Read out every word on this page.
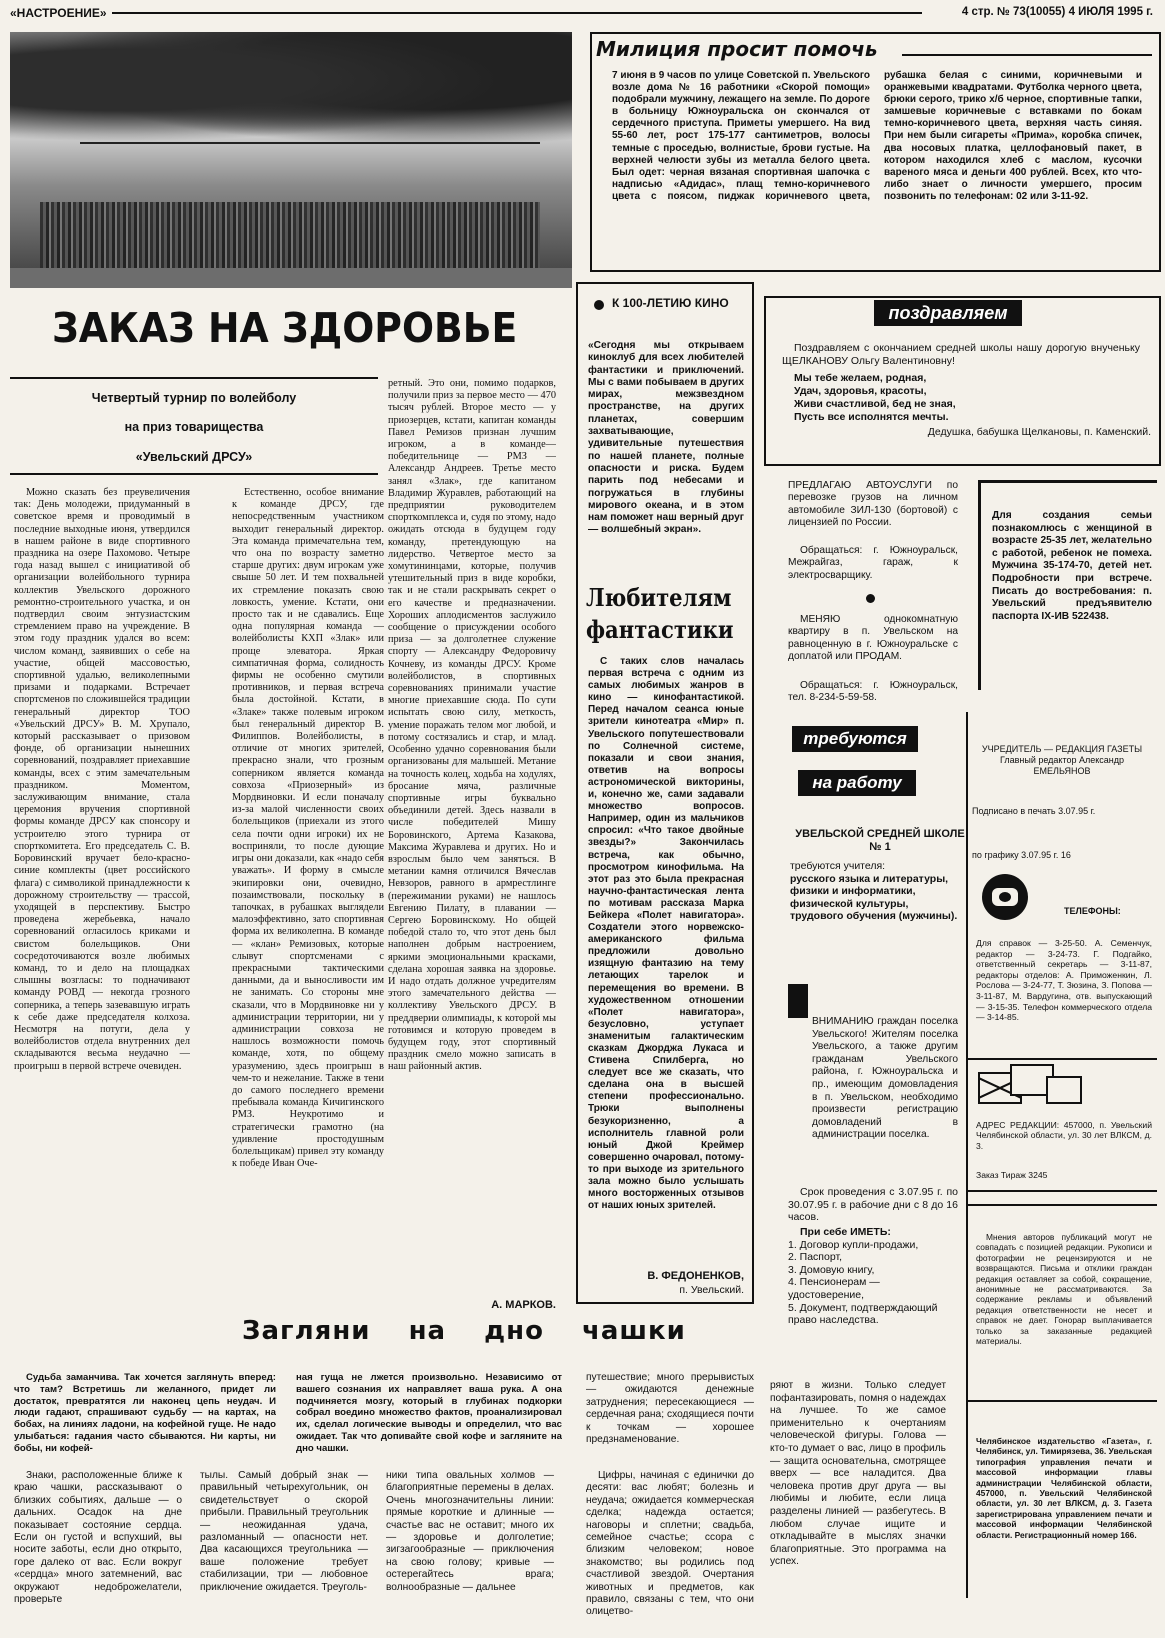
«НАСТРОЕНИЕ»	4 стр. № 73(10055) 4 ИЮЛЯ 1995 г.
Милиция просит помочь
7 июня в 9 часов по улице Советской п. Увельского возле дома № 16 работники «Скорой помощи» подобрали мужчину, лежащего на земле. По дороге в больницу Южноуральска он скончался от сердечного приступа. Приметы умершего. На вид 55-60 лет, рост 175-177 сантиметров, волосы темные с проседью, волнистые, брови густые. На верхней челюсти зубы из металла белого цвета. Был одет: черная вязаная спортивная шапочка с надписью «Адидас», плащ темно-коричневого цвета с поясом, пиджак коричневого цвета, рубашка белая с синими, коричневыми и оранжевыми квадратами. Футболка черного цвета, брюки серого, трико х/б черное, спортивные тапки, замшевые коричневые с вставками по бокам темно-коричневого цвета, верхняя часть синяя. При нем были сигареты «Прима», коробка спичек, два носовых платка, целлофановый пакет, в котором находился хлеб с маслом, кусочки вареного мяса и деньги 400 рублей. Всех, кто что-либо знает о личности умершего, просим позвонить по телефонам: 02 или 3-11-92.
ЗАКАЗ НА ЗДОРОВЬЕ
Четвертый турнир по волейболу
на приз товарищества
«Увельский ДРСУ»
Можно сказать без преувеличения так: День молодежи, придуманный в советское время и проводимый в последние выходные июня, утвердился в нашем районе в виде спортивного праздника на озере Пахомово. Четыре года назад вышел с инициативой об организации волейбольного турнира коллектив Увельского дорожного ремонтно-строительного участка, и он подтвердил своим энтузиастским стремлением право на учреждение. В этом году праздник удался во всем: числом команд, заявивших о себе на участие, общей массовостью, спортивной удалью, великолепными призами и подарками. Встречает спортсменов по сложившейся традиции генеральный директор ТОО «Увельский ДРСУ» В. М. Хрупало, который рассказывает о призовом фонде, об организации нынешних соревнований, поздравляет приехавшие команды, всех с этим замечательным праздником. Моментом, заслуживающим внимание, стала церемония вручения спортивной формы команде ДРСУ как спонсору и устроителю этого турнира от спорткомитета. Его председатель С. В. Боровинский вручает бело-красно-синие комплекты (цвет российского флага) с символикой принадлежности к дорожному строительству — трассой, уходящей в перспективу. Быстро проведена жеребьевка, начало соревнований огласилось криками и свистом болельщиков. Они сосредоточиваются возле любимых команд, то и дело на площадках слышны возгласы: то подначивают команду РОВД — некогда грозного соперника, а теперь зазевавшую играть к себе даже председателя колхоза. Несмотря на потуги, дела у волейболистов отдела внутренних дел складываются весьма неудачно — проигрыш в первой встрече очевиден.
Естественно, особое внимание к команде ДРСУ, где непосредственным участником выходит генеральный директор. Эта команда примечательна тем, что она по возрасту заметно старше других: двум игрокам уже свыше 50 лет. И тем похвальней их стремление показать свою ловкость, умение. Кстати, они просто так и не сдавались. Еще одна популярная команда — волейболисты КХП «Злак» или проще элеватора. Яркая симпатичная форма, солидность фирмы не особенно смутили противников, и первая встреча была достойной. Кстати, в «Злаке» также полевым игроком был генеральный директор В. Филиппов. Волейболисты, в отличие от многих зрителей, прекрасно знали, что грозным соперником является команда совхоза «Приозерный» из Мордвиновки. И если поначалу из-за малой численности своих болельщиков (приехали из этого села почти одни игроки) их не восприняли, то после дующие игры они доказали, как «надо себя уважать». И форму в смысле экипировки они, очевидно, позаимствовали, поскольку в тапочках, в рубашках выглядели малоэффективно, зато спортивная форма их великолепна. В команде — «клан» Ремизовых, которые слывут спортсменами с прекрасными тактическими данными, да и выносливости им не занимать. Со стороны мне сказали, что в Мордвиновке ни у администрации территории, ни у администрации совхоза не нашлось возможности помочь команде, хотя, по общему уразумению, здесь проигрыш в чем-то и нежелание. Также в тени до самого последнего времени пребывала команда Кичигинского РМЗ. Неукротимо и стратегически грамотно (на удивление простодушным болельщикам) привел эту команду к победе Иван Оче-
ретный. Это они, помимо подарков, получили приз за первое место — 470 тысяч рублей. Второе место — у приозерцев, кстати, капитан команды Павел Ремизов признан лучшим игроком, а в команде—победительнице — РМЗ — Александр Андреев. Третье место занял «Злак», где капитаном Владимир Журавлев, работающий на предприятии руководителем спорткомплекса и, судя по этому, надо ожидать отсюда в будущем году команду, претендующую на лидерство. Четвертое место за хомутининцами, которые, получив утешительный приз в виде коробки, так и не стали раскрывать секрет о его качестве и предназначении. Хороших аплодисментов заслужило сообщение о присуждении особого приза — за долголетнее служение спорту — Александру Федоровичу Кочневу, из команды ДРСУ. Кроме волейболистов, в спортивных соревнованиях принимали участие многие приехавшие сюда. По сути испытать свою силу, меткость, умение поражать телом мог любой, и потому состязались и стар, и млад. Особенно удачно соревнования были организованы для малышей. Метание на точность колец, ходьба на ходулях, бросание мяча, различные спортивные игры буквально объединили детей. Здесь назвали в числе победителей Мишу Боровинского, Артема Казакова, Максима Журавлева и других. Но и взрослым было чем заняться. В метании камня отличился Вячеслав Невзоров, равного в армрестлинге (пережимании руками) не нашлось Евгению Пилату, в плавании — Сергею Боровинскому. Но общей победой стало то, что этот день был наполнен добрым настроением, яркими эмоциональными красками, сделана хорошая заявка на здоровье. И надо отдать должное учредителям этого замечательного действа — коллективу Увельского ДРСУ. В преддверии олимпиады, к которой мы готовимся и которую проведем в будущем году, этот спортивный праздник смело можно записать в наш районный актив.
А. МАРКОВ.
К 100-ЛЕТИЮ КИНО
«Сегодня мы открываем киноклуб для всех любителей фантастики и приключений. Мы с вами побываем в других мирах, межзвездном пространстве, на других планетах, совершим захватывающие, удивительные путешествия по нашей планете, полные опасности и риска. Будем парить под небесами и погружаться в глубины мирового океана, и в этом нам поможет наш верный друг — волшебный экран».
Любителям фантастики
С таких слов началась первая встреча с одним из самых любимых жанров в кино — кинофантастикой. Перед началом сеанса юные зрители кинотеатра «Мир» п. Увельского попутешествовали по Солнечной системе, показали и свои знания, ответив на вопросы астрономической викторины, и, конечно же, сами задавали множество вопросов. Например, один из мальчиков спросил: «Что такое двойные звезды?» Закончилась встреча, как обычно, просмотром кинофильма. На этот раз это была прекрасная научно-фантастическая лента по мотивам рассказа Марка Бейкера «Полет навигатора». Создатели этого норвежско-американского фильма предложили довольно изящную фантазию на тему летающих тарелок и перемещения во времени. В художественном отношении «Полет навигатора», безусловно, уступает знаменитым галактическим сказкам Джорджа Лукаса и Стивена Спилберга, но следует все же сказать, что сделана она в высшей степени профессионально. Трюки выполнены безукоризненно, а исполнитель главной роли юный Джой Креймер совершенно очаровал, потому-то при выходе из зрительного зала можно было услышать много восторженных отзывов от наших юных зрителей.
В. ФЕДОНЕНКОВ,
п. Увельский.
поздравляем
Поздравляем с окончанием средней школы нашу дорогую внученьку ЩЕЛКАНОВУ Ольгу Валентиновну!
Мы тебе желаем, родная,
Удач, здоровья, красоты,
Живи счастливой, бед не зная,
Пусть все исполнятся мечты.
Дедушка, бабушка Щелкановы, п. Каменский.
ПРЕДЛАГАЮ АВТОУСЛУГИ по перевозке грузов на личном автомобиле ЗИЛ-130 (бортовой) с лицензией по России.
Обращаться: г. Южноуральск, Межрайгаз, гараж, к электросварщику.
МЕНЯЮ однокомнатную квартиру в п. Увельском на равноценную в г. Южноуральске с доплатой или ПРОДАМ.
Обращаться: г. Южноуральск, тел. 8-234-5-59-58.
Для создания семьи познакомлюсь с женщиной в возрасте 25-35 лет, желательно с работой, ребенок не помеха. Мужчина 35-174-70, детей нет. Подробности при встрече. Писать до востребования: п. Увельский предъявителю паспорта IX-ИВ 522438.
требуются
на работу
УВЕЛЬСКОЙ СРЕДНЕЙ ШКОЛЕ № 1
требуются учителя:
русского языка и литературы,
физики и информатики,
физической культуры,
трудового обучения (мужчины).
ВНИМАНИЮ граждан поселка Увельского! Жителям поселка Увельского, а также другим гражданам Увельского района, г. Южноуральска и пр., имеющим домовладения в п. Увельском, необходимо произвести регистрацию домовладений в администрации поселка.
Срок проведения с 3.07.95 г. по 30.07.95 г. в рабочие дни с 8 до 16 часов.
При себе ИМЕТЬ:
1. Договор купли-продажи,
2. Паспорт,
3. Домовую книгу,
4. Пенсионерам — удостоверение,
5. Документ, подтверждающий право наследства.
УЧРЕДИТЕЛЬ — РЕДАКЦИЯ ГАЗЕТЫ Главный редактор Александр ЕМЕЛЬЯНОВ
Подписано в печать 3.07.95 г.
по графику 3.07.95 г. 16
ТЕЛЕФОНЫ:
Для справок — 3-25-50. А. Семенчук, редактор — 3-24-73. Г. Подгайко, ответственный секретарь — 3-11-87, редакторы отделов: А. Приможенкин, Л. Рослова — 3-24-77, Т. Зюзина, З. Попова — 3-11-87, М. Вардугина, отв. выпускающий — 3-15-35. Телефон коммерческого отдела — 3-14-85.
АДРЕС РЕДАКЦИИ: 457000, п. Увельский Челябинской области, ул. 30 лет ВЛКСМ, д. 3.
Заказ Тираж 3245
Мнения авторов публикаций могут не совпадать с позицией редакции. Рукописи и фотографии не рецензируются и не возвращаются. Письма и отклики граждан редакция оставляет за собой, сокращение, анонимные не рассматриваются. За содержание рекламы и объявлений редакция ответственности не несет и справок не дает. Гонорар выплачивается только за заказанные редакцией материалы.
Челябинское издательство «Газета», г. Челябинск, ул. Тимирязева, 36. Увельская типография управления печати и массовой информации главы администрации Челябинской области, 457000, п. Увельский Челябинской области, ул. 30 лет ВЛКСМ, д. 3. Газета зарегистрирована управлением печати и массовой информации Челябинской области. Регистрационный номер 166.
Загляни на дно чашки
Судьба заманчива. Так хочется заглянуть вперед: что там? Встретишь ли желанного, придет ли достаток, превратятся ли наконец цепь неудач. И люди гадают, спрашивают судьбу — на картах, на бобах, на линиях ладони, на кофейной гуще. Не надо улыбаться: гадания часто сбываются. Ни карты, ни бобы, ни кофей-
ная гуща не лжется произвольно. Независимо от вашего сознания их направляет ваша рука. А она подчиняется мозгу, который в глубинах подкорки собрал воедино множество фактов, проанализировал их, сделал логические выводы и определил, что вас ожидает. Так что допивайте свой кофе и загляните на дно чашки.
Знаки, расположенные ближе к краю чашки, рассказывают о близких событиях, дальше — о дальних. Осадок на дне показывает состояние сердца. Если он густой и вспухший, вы носите заботы, если дно открыто, горе далеко от вас. Если вокруг «сердца» много затемнений, вас окружают недоброжелатели, проверьте
тылы. Самый добрый знак — правильный четырехугольник, он свидетельствует о скорой прибыли. Правильный треугольник — неожиданная удача, разломанный — опасности нет. Два касающихся треугольника — ваше положение требует стабилизации, три — любовное приключение ожидается. Треуголь-
путешествие; много прерывистых — ожидаются денежные затруднения; пересекающиеся — сердечная рана; сходящиеся почти к точкам — хорошее предзнаменование.
ники типа овальных холмов — благоприятные перемены в делах. Очень многозначительны линии: прямые короткие и длинные — счастье вас не оставит; много их — здоровье и долголетие; зигзагообразные — приключения на свою голову; кривые — остерегайтесь врага; волнообразные — дальнее
Цифры, начиная с единички до десяти: вас любят; болезнь и неудача; ожидается коммерческая сделка; надежда остается; наговоры и сплетни; свадьба, семейное счастье; ссора с близким человеком; новое знакомство; вы родились под счастливой звездой. Очертания животных и предметов, как правило, связаны с тем, что они олицетво-
ряют в жизни. Только следует пофантазировать, помня о надеждах на лучшее. То же самое применительно к очертаниям человеческой фигуры. Голова — кто-то думает о вас, лицо в профиль — защита основательна, смотрящее вверх — все наладится. Два человека против друг друга — вы любимы и любите, если лица разделены линией — разбегутесь. В любом случае ищите и откладывайте в мыслях значки благоприятные. Это программа на успех.
